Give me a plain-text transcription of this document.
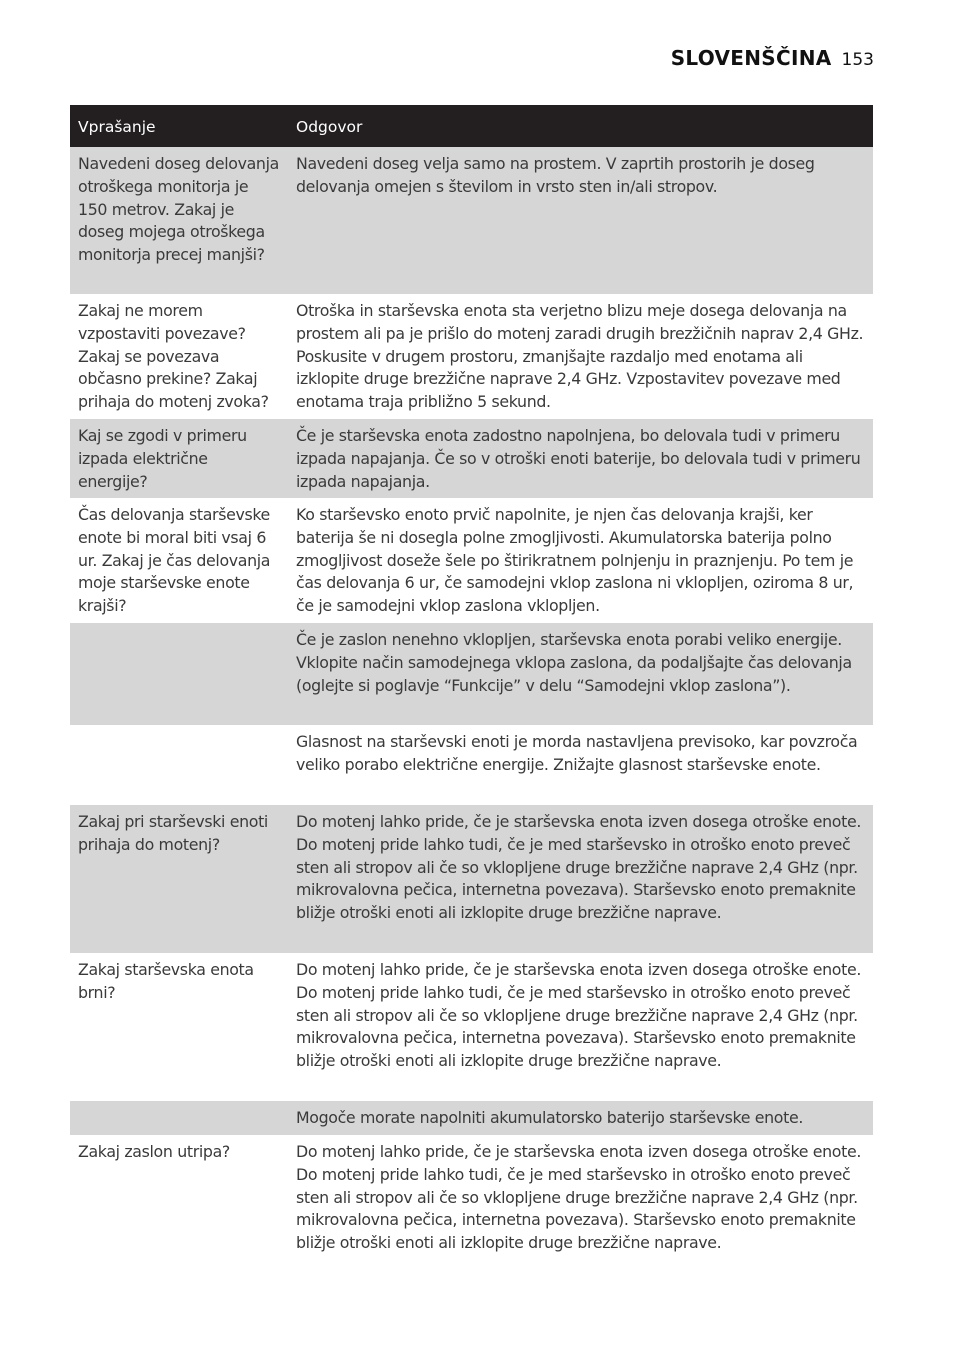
SLOVENŠČINA 153
Vprašanje	Odgovor
Navedeni doseg delovanja otroškega monitorja je 150 metrov. Zakaj je doseg mojega otroškega monitorja precej manjši?
Navedeni doseg velja samo na prostem. V zaprtih prostorih je doseg delovanja omejen s številom in vrsto sten in/ali stropov.
Zakaj ne morem vzpostaviti povezave? Zakaj se povezava občasno prekine? Zakaj prihaja do motenj zvoka?
Otroška in starševska enota sta verjetno blizu meje dosega delovanja na prostem ali pa je prišlo do motenj zaradi drugih brezžičnih naprav 2,4 GHz. Poskusite v drugem prostoru, zmanjšajte razdaljo med enotama ali izklopite druge brezžične naprave 2,4 GHz. Vzpostavitev povezave med enotama traja približno 5 sekund.
Kaj se zgodi v primeru izpada električne energije?
Če je starševska enota zadostno napolnjena, bo delovala tudi v primeru izpada napajanja. Če so v otroški enoti baterije, bo delovala tudi v primeru izpada napajanja.
Čas delovanja starševske enote bi moral biti vsaj 6 ur. Zakaj je čas delovanja moje starševske enote krajši?
Ko starševsko enoto prvič napolnite, je njen čas delovanja krajši, ker baterija še ni dosegla polne zmogljivosti. Akumulatorska baterija polno zmogljivost doseže šele po štirikratnem polnjenju in praznjenju. Po tem je čas delovanja 6 ur, če samodejni vklop zaslona ni vklopljen, oziroma 8 ur, če je samodejni vklop zaslona vklopljen.
Če je zaslon nenehno vklopljen, starševska enota porabi veliko energije. Vklopite način samodejnega vklopa zaslona, da podaljšajte čas delovanja (oglejte si poglavje “Funkcije” v delu “Samodejni vklop zaslona”).
Glasnost na starševski enoti je morda nastavljena previsoko, kar povzroča veliko porabo električne energije. Znižajte glasnost starševske enote.
Zakaj pri starševski enoti prihaja do motenj?
Do motenj lahko pride, če je starševska enota izven dosega otroške enote. Do motenj pride lahko tudi, če je med starševsko in otroško enoto preveč sten ali stropov ali če so vklopljene druge brezžične naprave 2,4 GHz (npr. mikrovalovna pečica, internetna povezava). Starševsko enoto premaknite bližje otroški enoti ali izklopite druge brezžične naprave.
Zakaj starševska enota brni?
Do motenj lahko pride, če je starševska enota izven dosega otroške enote. Do motenj pride lahko tudi, če je med starševsko in otroško enoto preveč sten ali stropov ali če so vklopljene druge brezžične naprave 2,4 GHz (npr. mikrovalovna pečica, internetna povezava). Starševsko enoto premaknite bližje otroški enoti ali izklopite druge brezžične naprave.
Mogoče morate napolniti akumulatorsko baterijo starševske enote.
Zakaj zaslon utripa?	Do motenj lahko pride, če je starševska enota izven dosega otroške enote. Do motenj pride lahko tudi, če je med starševsko in otroško enoto preveč sten ali stropov ali če so vklopljene druge brezžične naprave 2,4 GHz (npr. mikrovalovna pečica, internetna povezava). Starševsko enoto premaknite bližje otroški enoti ali izklopite druge brezžične naprave.
